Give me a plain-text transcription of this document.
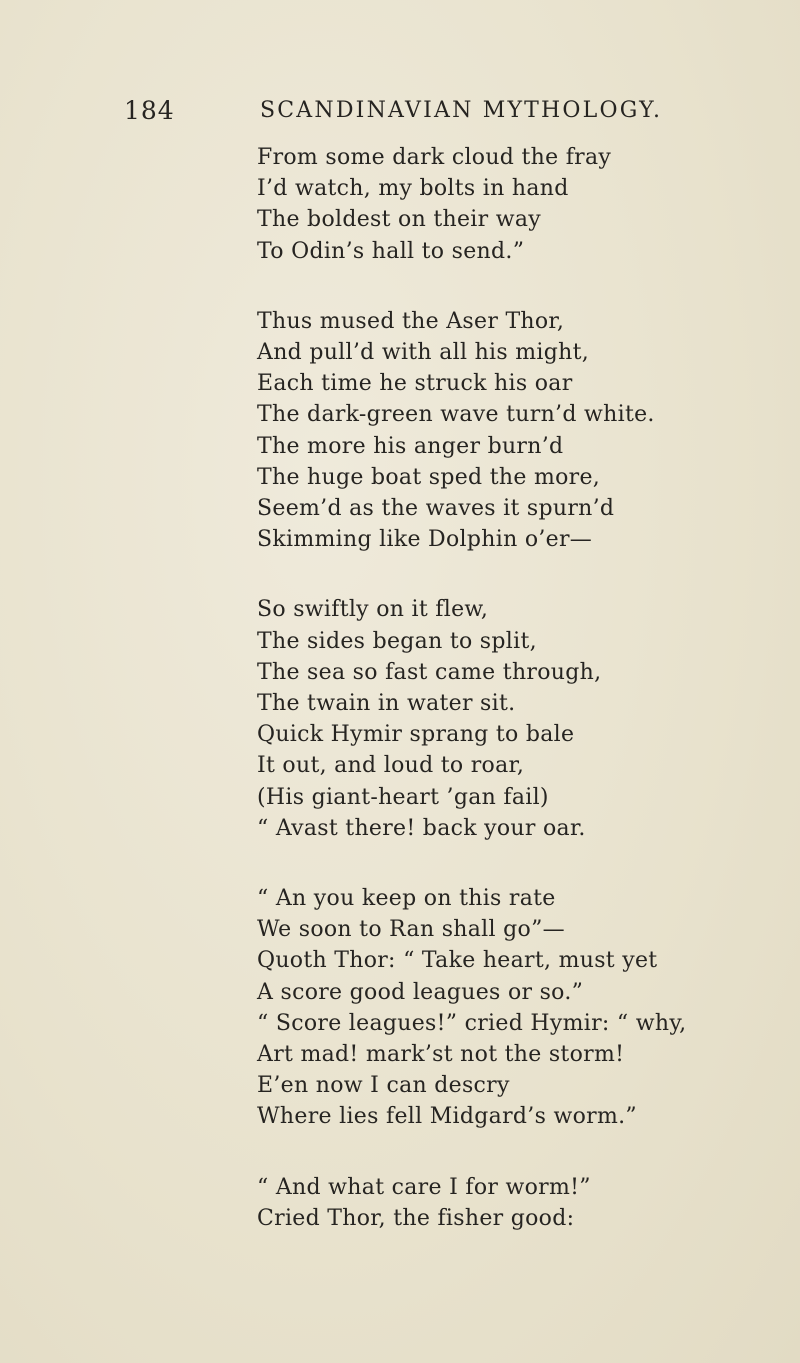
184	SCANDINAVIAN MYTHOLOGY.

From some dark cloud the fray
I’d watch, my bolts in hand
The boldest on their way
To Odin’s hall to send.”
Thus mused the Aser Thor,
And pull’d with all his might,
Each time he struck his oar
The dark-green wave turn’d white.
The more his anger burn’d
The huge boat sped the more,
Seem’d as the waves it spurn’d
Skimming like Dolphin o’er—
So swiftly on it flew,
The sides began to split,
The sea so fast came through,
The twain in water sit.
Quick Hymir sprang to bale
It out, and loud to roar,
(His giant-heart ’gan fail)
“ Avast there! back your oar.
“ An you keep on this rate
We soon to Ran shall go”—
Quoth Thor: “ Take heart, must yet
A score good leagues or so.”
“ Score leagues!” cried Hymir: “ why,
Art mad! mark’st not the storm!
E’en now I can descry
Where lies fell Midgard’s worm.”
“ And what care I for worm!”
Cried Thor, the fisher good:
